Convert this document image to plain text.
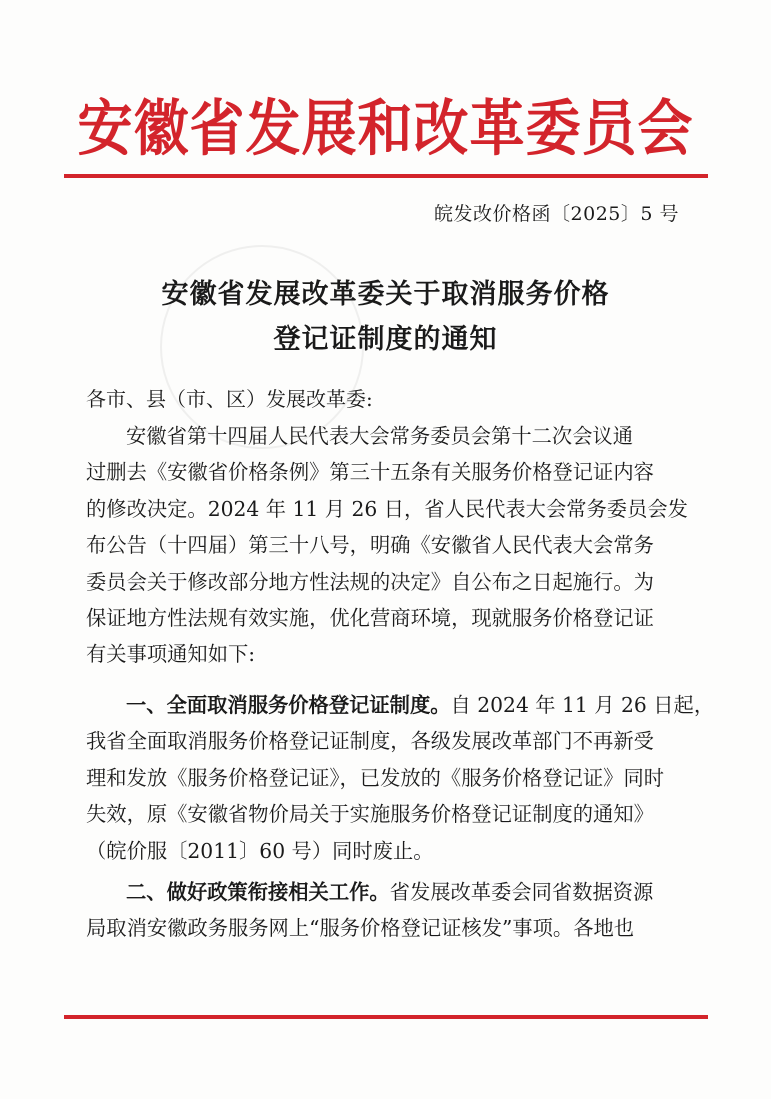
安徽省发展和改革委员会
皖发改价格函〔2025〕5 号
安徽省发展改革委关于取消服务价格
登记证制度的通知
各市、县（市、区）发展改革委:
安徽省第十四届人民代表大会常务委员会第十二次会议通
过删去《安徽省价格条例》第三十五条有关服务价格登记证内容
的修改决定。2024 年 11 月 26 日，省人民代表大会常务委员会发
布公告（十四届）第三十八号，明确《安徽省人民代表大会常务
委员会关于修改部分地方性法规的决定》自公布之日起施行。为
保证地方性法规有效实施，优化营商环境，现就服务价格登记证
有关事项通知如下:
一、全面取消服务价格登记证制度。自 2024 年 11 月 26 日起，
我省全面取消服务价格登记证制度，各级发展改革部门不再新受
理和发放《服务价格登记证》，已发放的《服务价格登记证》同时
失效，原《安徽省物价局关于实施服务价格登记证制度的通知》
（皖价服〔2011〕60 号）同时废止。
二、做好政策衔接相关工作。省发展改革委会同省数据资源
局取消安徽政务服务网上“服务价格登记证核发”事项。各地也
